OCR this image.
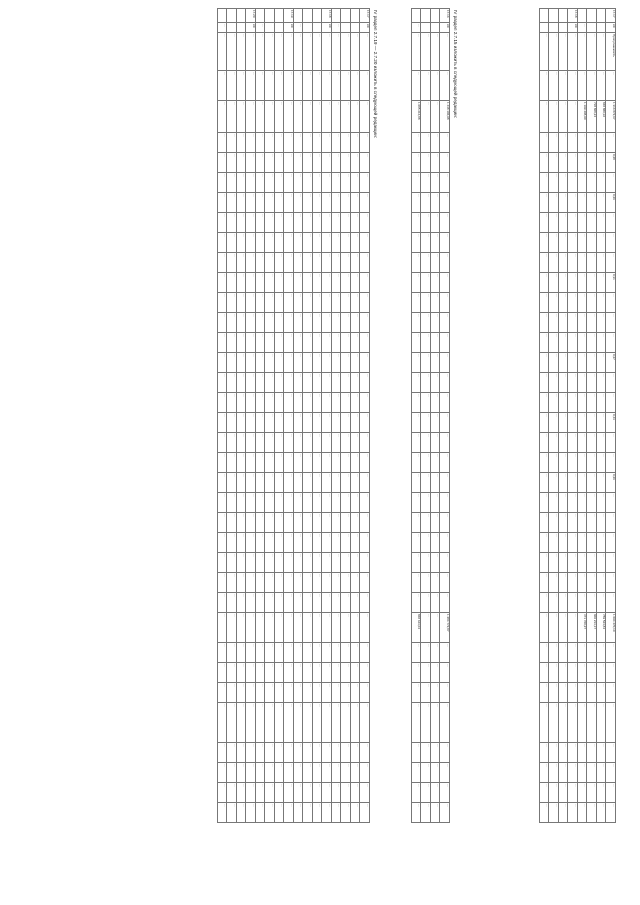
17.17	КС	Пропускаемость	…	1 316 872,67	…	0,28	…	0,26	…	…	…	0,31	…	…	…	0,27	…	…	0,43	…	…	0,26	…	…	…	…	…	…	1 094 470,10	…	…	…	…	…	…	…	…
		…	…	848 880,32	…	…	…	…	…	…	…	…	…	…	…	…	…	…	…	…	…	…	…	…	…	…	…	…	789 524,84	…	…	…	…	…	…	…	…
		…	…	738 868,24	…	…	…	…	…	…	…	…	…	…	…	…	…	…	…	…	…	…	…	…	…	…	…	…	606 213,17	…	…	…	…	…	…	…	…
	…	…	…	1 199 408,90	…	…	…	…	…	…	…	…	…	…	…	…	…	…	…	…	…	…	…	…	…	…	…	…	371 760,27	…	…	…	…	…	…	…	…
17.18	КС	…	…	…	…	…	…	…	…	…	…	…	…	…	…	…	…	…	…	…	…	…	…	…	…	…	…	…	…	…	…	…	…	…	…	…	…
		…	…	…	…	…	…	…	…	…	…	…	…	…	…	…	…	…	…	…	…	…	…	…	…	…	…	…	…	…	…	…	…	…	…	…	…
		…	…	…	…	…	…	…	…	…	…	…	…	…	…	…	…	…	…	…	…	…	…	…	…	…	…	…	…	…	…	…	…	…	…	…	…
		…	…	…	…	…	…	…	…	…	…	…	…	…	…	…	…	…	…	…	…	…	…	…	…	…	…	…	…	…	…	…	…	…	…	…	…
IV раздел 2.7.15 изложить в следующей редакции:
17.16	КС	…	…	1 448 106,98	…	…	…	…	…	…	…	…	…	…	…	…	…	…	…	…	…	…	…	…	…	…	…	…	1 284 772,87	…	…	…	…	…	…	…	…
		…	…	…	…	…	…	…	…	…	…	…	…	…	…	…	…	…	…	…	…	…	…	…	…	…	…	…	…	…	…	…	…	…	…	…	…
		…	…	…	…	…	…	…	…	…	…	…	…	…	…	…	…	…	…	…	…	…	…	…	…	…	…	…	…	…	…	…	…	…	…	…	…
	…	…	…	1 085 216,88	…	…	…	…	…	…	…	…	…	…	…	…	…	…	…	…	…	…	…	…	…	…	…	…	868 643,04	…	…	…	…	…	…	…	…
IV раздел 2.7.19 — 2.7.20 изложить в следующей редакции:
17.17	КС	…	…	…	…	…	…	…	…	…	…	…	…	…	…	…	…	…	…	…	…	…	…	…	…	…	…	…	…	…	…	…	…	…	…	…	…
		…	…	…	…	…	…	…	…	…	…	…	…	…	…	…	…	…	…	…	…	…	…	…	…	…	…	…	…	…	…	…	…	…	…	…	…
		…	…	…	…	…	…	…	…	…	…	…	…	…	…	…	…	…	…	…	…	…	…	…	…	…	…	…	…	…	…	…	…	…	…	…	…
	…	…	…	…	…	…	…	…	…	…	…	…	…	…	…	…	…	…	…	…	…	…	…	…	…	…	…	…	…	…	…	…	…	…	…	…	…
17.18	КС	…	…	…	…	…	…	…	…	…	…	…	…	…	…	…	…	…	…	…	…	…	…	…	…	…	…	…	…	…	…	…	…	…	…	…	…
		…	…	…	…	…	…	…	…	…	…	…	…	…	…	…	…	…	…	…	…	…	…	…	…	…	…	…	…	…	…	…	…	…	…	…	…
		…	…	…	…	…	…	…	…	…	…	…	…	…	…	…	…	…	…	…	…	…	…	…	…	…	…	…	…	…	…	…	…	…	…	…	…
	…	…	…	…	…	…	…	…	…	…	…	…	…	…	…	…	…	…	…	…	…	…	…	…	…	…	…	…	…	…	…	…	…	…	…	…	…
17.19	КС	…	…	…	…	…	…	…	…	…	…	…	…	…	…	…	…	…	…	…	…	…	…	…	…	…	…	…	…	…	…	…	…	…	…	…	…
		…	…	…	…	…	…	…	…	…	…	…	…	…	…	…	…	…	…	…	…	…	…	…	…	…	…	…	…	…	…	…	…	…	…	…	…
		…	…	…	…	…	…	…	…	…	…	…	…	…	…	…	…	…	…	…	…	…	…	…	…	…	…	…	…	…	…	…	…	…	…	…	…
	…	…	…	…	…	…	…	…	…	…	…	…	…	…	…	…	…	…	…	…	…	…	…	…	…	…	…	…	…	…	…	…	…	…	…	…	…
17.20	КС	…	…	…	…	…	…	…	…	…	…	…	…	…	…	…	…	…	…	…	…	…	…	…	…	…	…	…	…	…	…	…	…	…	…	…	…
		…	…	…	…	…	…	…	…	…	…	…	…	…	…	…	…	…	…	…	…	…	…	…	…	…	…	…	…	…	…	…	…	…	…	…	…
		…	…	…	…	…	…	…	…	…	…	…	…	…	…	…	…	…	…	…	…	…	…	…	…	…	…	…	…	…	…	…	…	…	…	…	…
	…	…	…	…	…	…	…	…	…	…	…	…	…	…	…	…	…	…	…	…	…	…	…	…	…	…	…	…	…	…	…	…	…	…	…	…	…
